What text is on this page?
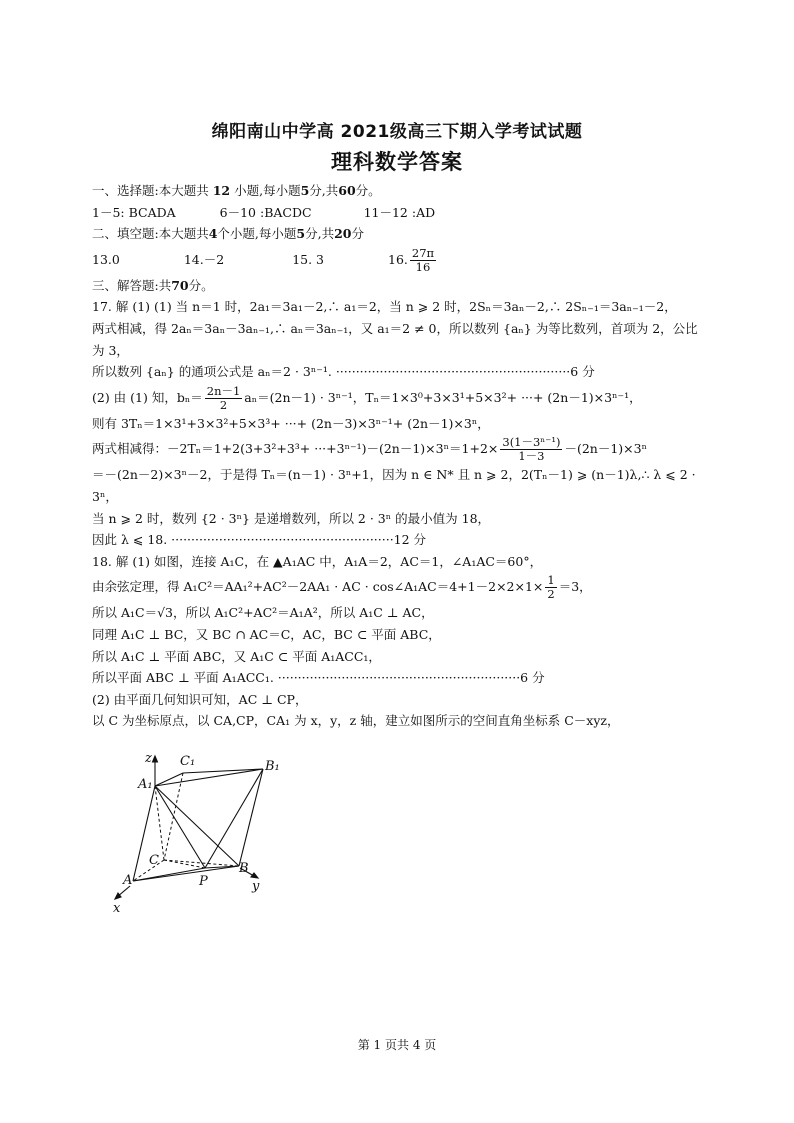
绵阳南山中学高 2021级高三下期入学考试试题
理科数学答案
一、选择题:本大题共 12 小题,每小题5分,共60分。
1－5: BCADA	6－10 :BACDC	11－12 :AD
二、填空题:本大题共4个小题,每小题5分,共20分
13.0	14.－2	15. 3	16. $\frac{27\pi}{16}$
三、解答题:共70分。
17. 解 (1) (1) 当 n＝1 时，2a₁＝3a₁－2,∴ a₁＝2，当 n ⩾ 2 时，2Sₙ＝3aₙ－2,∴ 2Sₙ₋₁＝3aₙ₋₁－2，
两式相减，得 2aₙ＝3aₙ－3aₙ₋₁,∴ aₙ＝3aₙ₋₁，又 a₁＝2 ≠ 0，所以数列 {aₙ} 为等比数列，首项为 2，公比为 3，
所以数列 {aₙ} 的通项公式是 aₙ＝2 · 3ⁿ⁻¹. ···························································6 分
(2) 由 (1) 知，$b_n= \frac{2n-1}{2} a_n=(2n-1) \cdot 3^{n-1}$，Tₙ＝1×3⁰+3×3¹+5×3²+ ···+ (2n－1)×3ⁿ⁻¹，
则有 3Tₙ＝1×3¹+3×3²+5×3³+ ···+ (2n－3)×3ⁿ⁻¹+ (2n－1)×3ⁿ，
两式相减得：$-2T_n=1+2(3+3^2+3^3+ \cdot\cdot\cdot+3^{n-1})-(2n-1)\times 3^n=1+2\times \frac{\text{3(1－3ⁿ⁻¹)}}{1-3} -(2n-1)\times 3^n$
＝－(2n－2)×3ⁿ－2，于是得 Tₙ＝(n－1) · 3ⁿ+1，因为 n ∈ N* 且 n ⩾ 2，2(Tₙ－1) ⩾ (n－1)λ,∴ λ ⩽ 2 · 3ⁿ，
当 n ⩾ 2 时，数列 {2 · 3ⁿ} 是递增数列，所以 2 · 3ⁿ 的最小值为 18，
因此 λ ⩽ 18. ························································12 分
18. 解 (1) 如图，连接 A₁C，在 ▲A₁AC 中，A₁A＝2，AC＝1，∠A₁AC＝60°，
由余弦定理，得 A₁C²＝AA₁²+AC²－2AA₁ · AC · cos∠A₁AC＝4+1－2×2×1× $\frac{1}{2} =3$，
所以 A₁C＝√3，所以 A₁C²+AC²＝A₁A²，所以 A₁C ⊥ AC，
同理 A₁C ⊥ BC，又 BC ∩ AC＝C，AC，BC ⊂ 平面 ABC，
所以 A₁C ⊥ 平面 ABC，又 A₁C ⊂ 平面 A₁ACC₁，
所以平面 ABC ⊥ 平面 A₁ACC₁. ·····························································6 分
(2) 由平面几何知识可知，AC ⊥ CP，
以 C 为坐标原点，以 CA,CP，CA₁ 为 x，y，z 轴，建立如图所示的空间直角坐标系 C－xyz，
z C₁	B₁
A₁
C
B
A	P	y
x
第 1 页共 4 页
